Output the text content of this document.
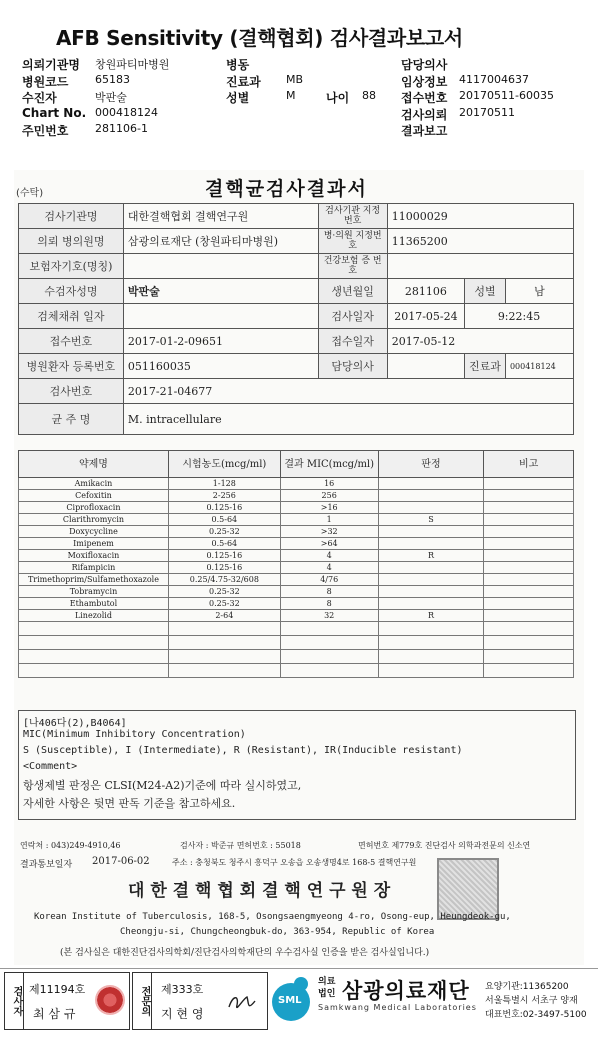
AFB Sensitivity (결핵협회) 검사결과보고서
의뢰기관명 창원파티마병원	병동	담당의사
병원코드 65183	진료과 MB	임상정보 4117004637
수진자	박판술	성별	M	나이 88 접수번호 20170511-60035
Chart No. 000418124	검사의뢰 20170511
주민번호 281106-1	결과보고
(수탁)	결핵균검사결과서
검사기관명	대한결핵협회 결핵연구원	검사기관 지정번호	11000029		
의뢰 병의원명	삼광의료재단 (창원파티마병원)	병·의원 지정번호	11365200		
보험자기호(명칭)		건강보험 증 번 호			
수검자성명	박판술	생년월일	281106	성별	남
검체채취 일자		검사일자	2017-05-24	9:22:45	
접수번호	2017-01-2-09651	접수일자	2017-05-12		
병원환자 등록번호	051160035	담당의사		진료과	000418124
검사번호	2017-21-04677				
균 주 명	M. intracellulare				
약제명	시험농도(mcg/ml)	결과 MIC(mcg/ml)	판정	비고
Amikacin	1-128	16		
Cefoxitin	2-256	256		
Ciprofloxacin	0.125-16	>16		
Clarithromycin	0.5-64	1	S	
Doxycycline	0.25-32	>32		
Imipenem	0.5-64	>64		
Moxifloxacin	0.125-16	4	R	
Rifampicin	0.125-16	4		
Trimethoprim/Sulfamethoxazole	0.25/4.75-32/608	4/76		
Tobramycin	0.25-32	8		
Ethambutol	0.25-32	8		
Linezolid	2-64	32	R	

[나406다(2),B4064]
MIC(Minimum Inhibitory Concentration)
S (Susceptible), I (Intermediate), R (Resistant), IR(Inducible resistant)
<Comment>
항생제별 판정은 CLSI(M24-A2)기준에 따라 실시하였고,
자세한 사항은 뒷면 판독 기준을 참고하세요.
연락처 : 043)249-4910,46	검사자 : 박준규 면허번호 : 55018	면허번호 제779호 진단검사 의학과전문의 신소연
결과통보일자 2017-06-02	주소 : 충청북도 청주시 흥덕구 오송읍 오송생명4로 168-5 결핵연구원
대 한 결 핵 협 회 결 핵 연 구 원 장
Korean Institute of Tuberculosis, 168-5, Osongsaengmyeong 4-ro, Osong-eup, Heungdeok-gu,
Cheongju-si, Chungcheongbuk-do, 363-954, Republic of Korea
(본 검사실은 대한진단검사의학회/진단검사의학재단의 우수검사실 인증을 받은 검사실입니다.)
검사자 제11194호
최 삼 규	전문의 제333호
지 현 영
SML
의료
법인 삼광의료재단
Samkwang Medical Laboratories
요양기관:11365200
서울특별시 서초구 양재
대표번호:02-3497-5100
